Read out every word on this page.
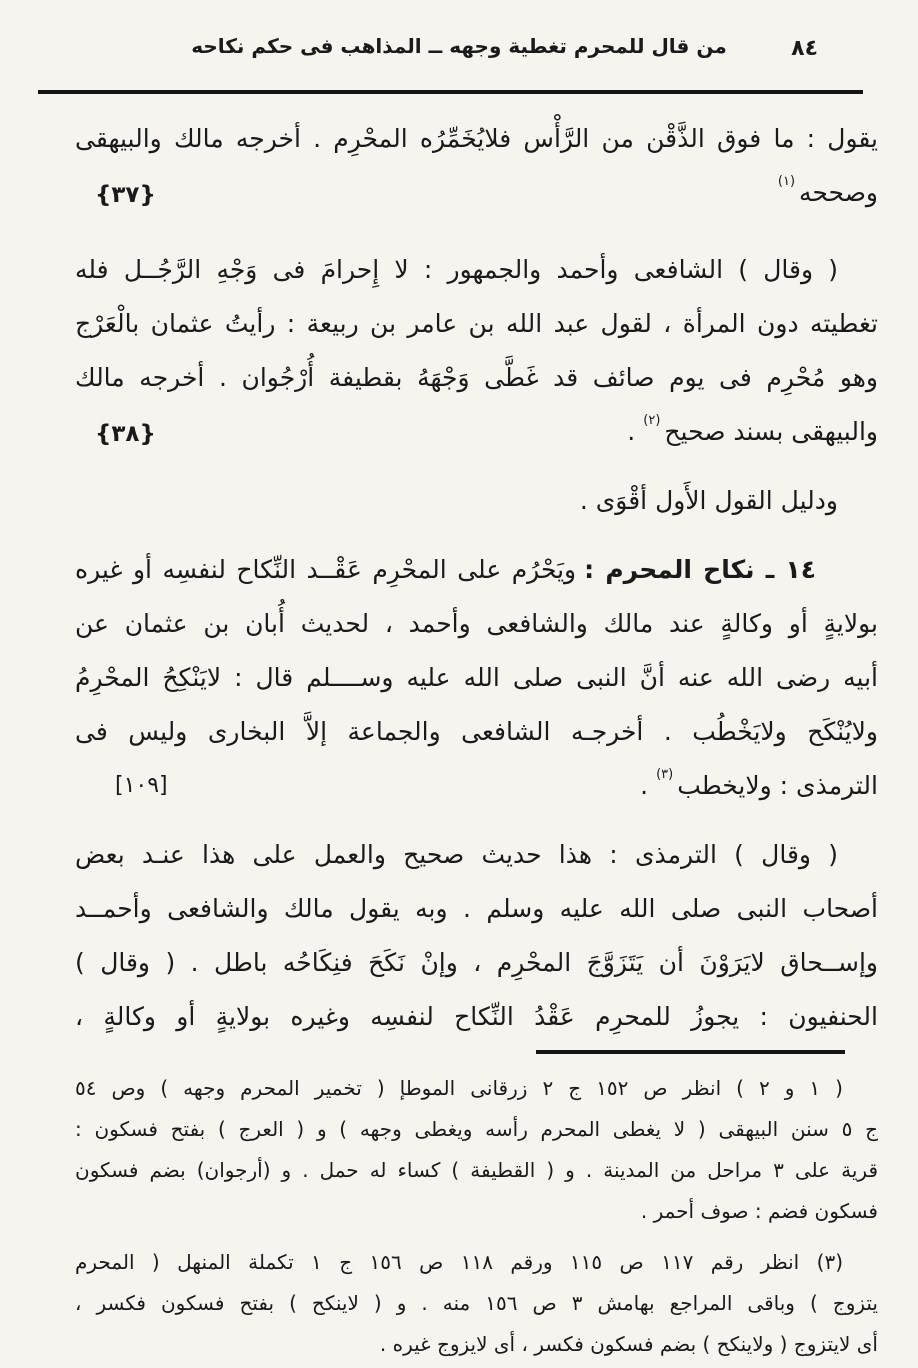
من قال للمحرم تغطية وجهه ــ المذاهب فى حكم نكاحه	٨٤
يقول : ما فوق الذَّقْن من الرَّأْس فلايُخَمِّرُه المحْرِم . أخرجه مالك والبيهقى
وصححه(١)
{٣٧}
( وقال ) الشافعى وأحمد والجمهور : لا إِحرامَ فى وَجْهِ الرَّجُــل فله
تغطيته دون المرأة ، لقول عبد الله بن عامر بن ربيعة : رأيتُ عثمان بالْعَرْج
وهو مُحْرِم فى يوم صائف قد غَطَّى وَجْهَهُ بقطيفة أُرْجُوان . أخرجه مالك
والبيهقى بسند صحيح(٢).
{٣٨}
ودليل القول الأَول أقْوَى .
١٤ ـ نكاح المحرم :ويَحْرُم على المحْرِم عَقْــد النِّكاح لنفسِه أو غيره
بولايةٍ أو وكالةٍ عند مالك والشافعى وأحمد ، لحديث أُبان بن عثمان عن
أبيه رضى الله عنه أنَّ النبى صلى الله عليه وســــلم قال : لايَنْكِحُ المحْرِمُ
ولايُنْكَح ولايَخْطُب . أخرجـه الشافعى والجماعة إلاَّ البخارى وليس فى
الترمذى : ولايخطب(٣).
[١٠٩]
( وقال ) الترمذى : هذا حديث صحيح والعمل على هذا عنـد بعض
أصحاب النبى صلى الله عليه وسلم . وبه يقول مالك والشافعى وأحمــد
وإســحاق لايَرَوْنَ أن يَتَزَوَّجَ المحْرِم ، وإنْ نَكَحَ فنِكَاحُه باطل . ( وقال )
الحنفيون : يجوزُ للمحرِم عَقْدُ النِّكاح لنفسِه وغيره بولايةٍ أو وكالةٍ ،
( ١ و ٢ ) انظر ص ١٥٢ ج ٢ زرقانى الموطإ ( تخمير المحرم وجهه ) وص ٥٤
ج ٥ سنن البيهقى ( لا يغطى المحرم رأسه ويغطى وجهه ) و ( العرج ) بفتح فسكون :
قرية على ٣ مراحل من المدينة . و ( القطيفة ) كساء له حمل . و (أرجوان) بضم فسكون
فسكون فضم : صوف أحمر .
(٣) انظر رقم ١١٧ ص ١١٥ ورقم ١١٨ ص ١٥٦ ج ١ تكملة المنهل ( المحرم
يتزوج ) وباقى المراجع بهامش ٣ ص ١٥٦ منه . و ( لاينكح ) بفتح فسكون فكسر ،
أى لايتزوج ( ولاينكح ) بضم فسكون فكسر ، أى لايزوج غيره .
